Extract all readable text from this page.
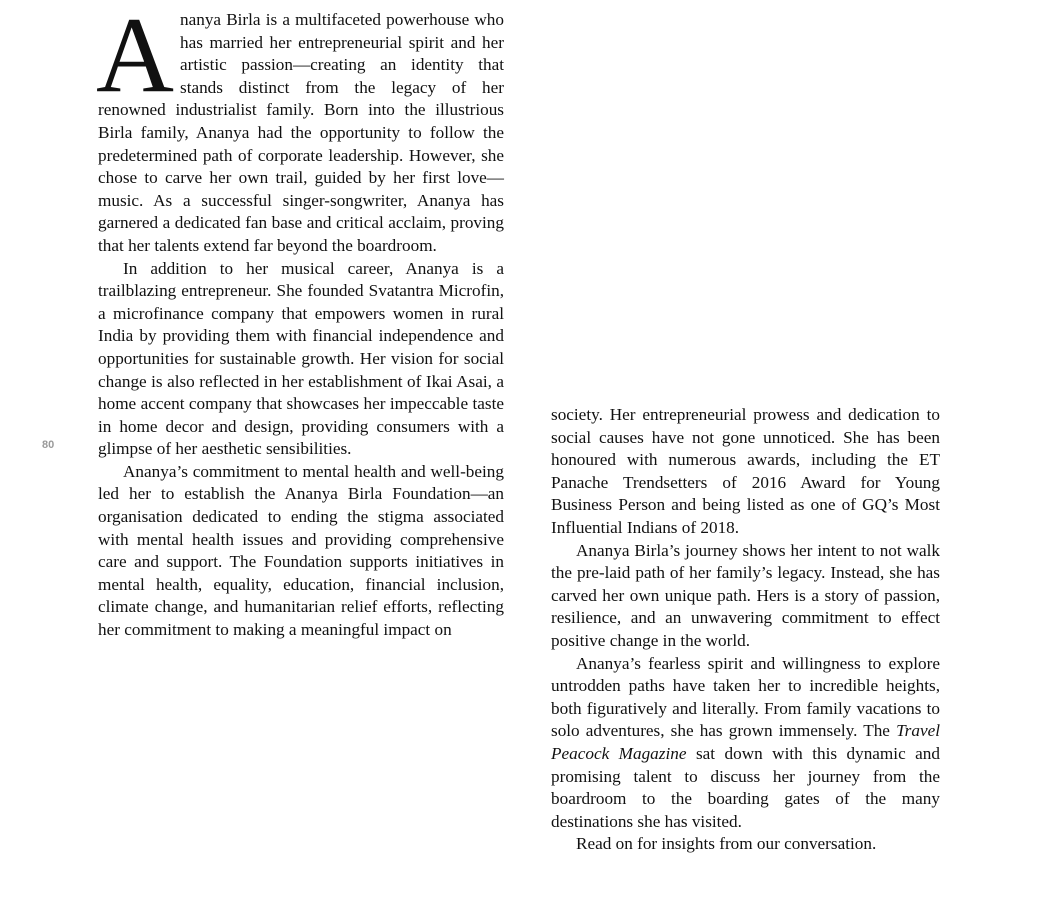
80

Ananya Birla is a multifaceted powerhouse who has married her entrepreneurial spirit and her artistic passion—creating an identity that stands distinct from the legacy of her renowned industrialist family. Born into the illustrious Birla family, Ananya had the opportunity to follow the predetermined path of corporate leadership. However, she chose to carve her own trail, guided by her first love—music. As a successful singer-songwriter, Ananya has garnered a dedicated fan base and critical acclaim, proving that her talents extend far beyond the boardroom.

In addition to her musical career, Ananya is a trailblazing entrepreneur. She founded Svatantra Microfin, a microfinance company that empowers women in rural India by providing them with financial independence and opportunities for sustainable growth. Her vision for social change is also reflected in her establishment of Ikai Asai, a home accent company that showcases her impeccable taste in home decor and design, providing consumers with a glimpse of her aesthetic sensibilities.

Ananya’s commitment to mental health and well-being led her to establish the Ananya Birla Foundation—an organisation dedicated to ending the stigma associated with mental health issues and providing comprehensive care and support. The Foundation supports initiatives in mental health, equality, education, financial inclusion, climate change, and humanitarian relief efforts, reflecting her commitment to making a meaningful impact on

society. Her entrepreneurial prowess and dedication to social causes have not gone unnoticed. She has been honoured with numerous awards, including the ET Panache Trendsetters of 2016 Award for Young Business Person and being listed as one of GQ’s Most Influential Indians of 2018.

Ananya Birla’s journey shows her intent to not walk the pre-laid path of her family’s legacy. Instead, she has carved her own unique path. Hers is a story of passion, resilience, and an unwavering commitment to effect positive change in the world.

Ananya’s fearless spirit and willingness to explore untrodden paths have taken her to incredible heights, both figuratively and literally. From family vacations to solo adventures, she has grown immensely. The Travel Peacock Magazine sat down with this dynamic and promising talent to discuss her journey from the boardroom to the boarding gates of the many destinations she has visited.

Read on for insights from our conversation.
